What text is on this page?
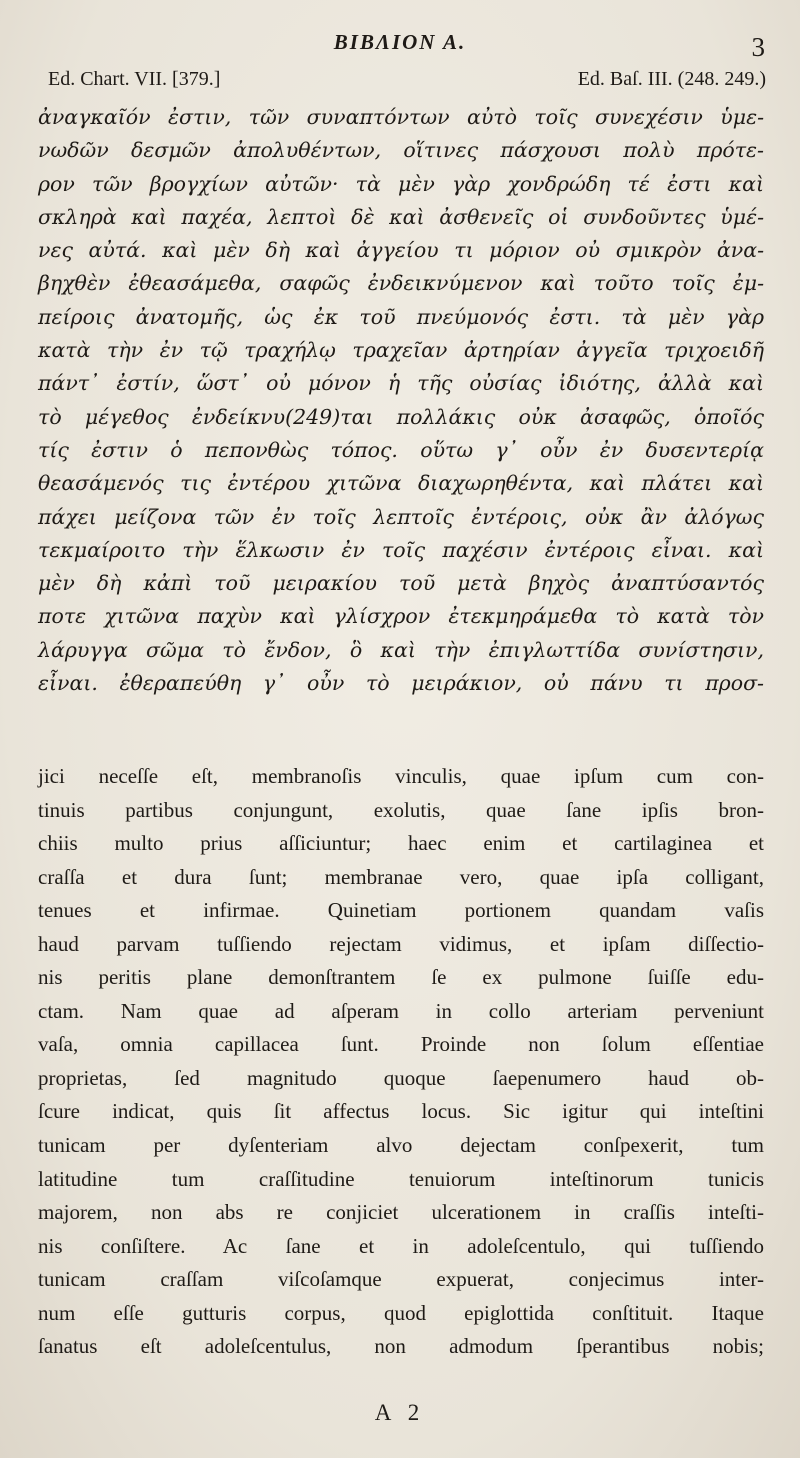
ΒΙΒΛΙΟΝ Α.	3
Ed. Chart. VII. [379.]	Ed. Baſ. III. (248. 249.)
ἀναγκαῖόν ἐστιν, τῶν συναπτόντων αὐτὸ τοῖς συνεχέσιν ὑμε-
νωδῶν δεσμῶν ἀπολυθέντων, οἵτινες πάσχουσι πολὺ πρότε-
ρον τῶν βρογχίων αὐτῶν· τὰ μὲν γὰρ χονδρώδη τέ ἐστι καὶ
σκληρὰ καὶ παχέα, λεπτοὶ δὲ καὶ ἀσθενεῖς οἱ συνδοῦντες ὑμέ-
νες αὐτά. καὶ μὲν δὴ καὶ ἀγγείου τι μόριον οὐ σμικρὸν ἀνα-
βηχθὲν ἐθεασάμεθα, σαφῶς ἐνδεικνύμενον καὶ τοῦτο τοῖς ἐμ-
πείροις ἀνατομῆς, ὡς ἐκ τοῦ πνεύμονός ἐστι. τὰ μὲν γὰρ
κατὰ τὴν ἐν τῷ τραχήλῳ τραχεῖαν ἀρτηρίαν ἀγγεῖα τριχοειδῆ
πάντ᾽ ἐστίν, ὥστ᾽ οὐ μόνον ἡ τῆς οὐσίας ἰδιότης, ἀλλὰ καὶ
τὸ μέγεθος ἐνδείκνυ(249)ται πολλάκις οὐκ ἀσαφῶς, ὁποῖός
τίς ἐστιν ὁ πεπονθὼς τόπος. οὕτω γ᾽ οὖν ἐν δυσεντερίᾳ
θεασάμενός τις ἐντέρου χιτῶνα διαχωρηθέντα, καὶ πλάτει καὶ
πάχει μείζονα τῶν ἐν τοῖς λεπτοῖς ἐντέροις, οὐκ ἂν ἀλόγως
τεκμαίροιτο τὴν ἕλκωσιν ἐν τοῖς παχέσιν ἐντέροις εἶναι. καὶ
μὲν δὴ κἀπὶ τοῦ μειρακίου τοῦ μετὰ βηχὸς ἀναπτύσαντός
ποτε χιτῶνα παχὺν καὶ γλίσχρον ἐτεκμηράμεθα τὸ κατὰ τὸν
λάρυγγα σῶμα τὸ ἔνδον, ὃ καὶ τὴν ἐπιγλωττίδα συνίστησιν,
εἶναι. ἐθεραπεύθη γ᾽ οὖν τὸ μειράκιον, οὐ πάνυ τι προσ-
jici neceſſe eſt, membranoſis vinculis, quae ipſum cum con-
tinuis partibus conjungunt, exolutis, quae ſane ipſis bron-
chiis multo prius aſſiciuntur; haec enim et cartilaginea et
craſſa et dura ſunt; membranae vero, quae ipſa colligant,
tenues et infirmae. Quinetiam portionem quandam vaſis
haud parvam tuſſiendo rejectam vidimus, et ipſam diſſectio-
nis peritis plane demonſtrantem ſe ex pulmone ſuiſſe edu-
ctam. Nam quae ad aſperam in collo arteriam perveniunt
vaſa, omnia capillacea ſunt. Proinde non ſolum eſſentiae
proprietas, ſed magnitudo quoque ſaepenumero haud ob-
ſcure indicat, quis ſit affectus locus. Sic igitur qui inteſtini
tunicam per dyſenteriam alvo dejectam conſpexerit, tum
latitudine tum craſſitudine tenuiorum inteſtinorum tunicis
majorem, non abs re conjiciet ulcerationem in craſſis inteſti-
nis conſiſtere. Ac ſane et in adoleſcentulo, qui tuſſiendo
tunicam craſſam viſcoſamque expuerat, conjecimus inter-
num eſſe gutturis corpus, quod epiglottida conſtituit. Itaque
ſanatus eſt adoleſcentulus, non admodum ſperantibus nobis;
Α 2
